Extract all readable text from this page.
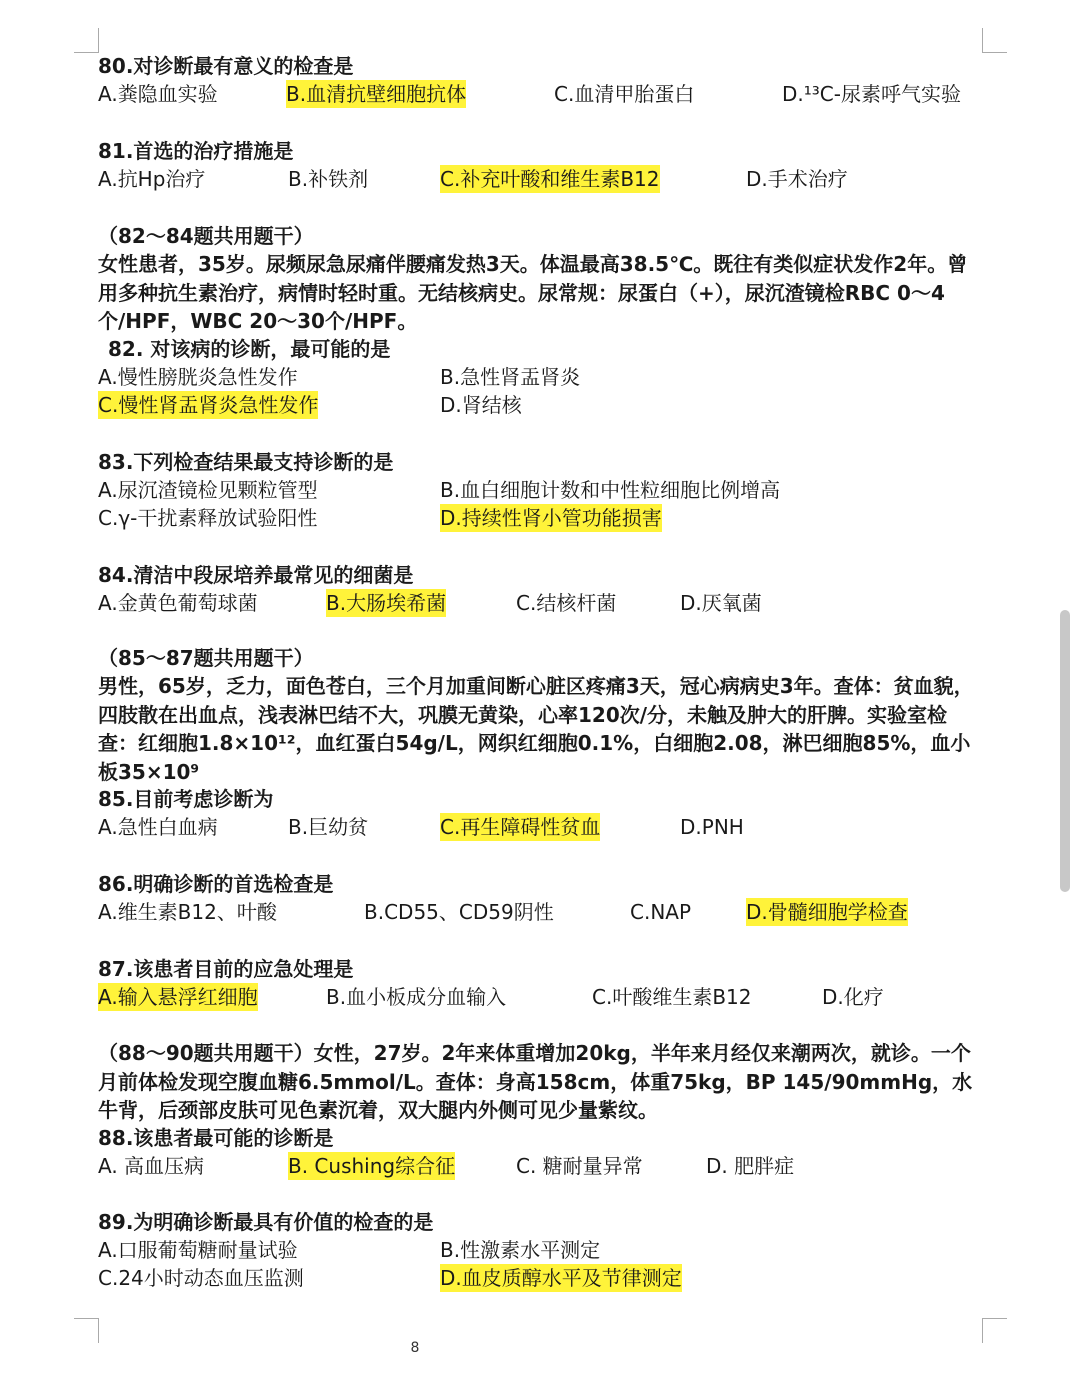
80.对诊断最有意义的检查是
A.粪隐血实验	B.血清抗壁细胞抗体	C.血清甲胎蛋白	D.¹³C-尿素呼气实验
81.首选的治疗措施是
A.抗Hp治疗	B.补铁剂	C.补充叶酸和维生素B12	D.手术治疗
（82～84题共用题干）
女性患者，35岁。尿频尿急尿痛伴腰痛发热3天。体温最高38.5℃。既往有类似症状发作2年。曾用多种抗生素治疗，病情时轻时重。无结核病史。尿常规：尿蛋白（+），尿沉渣镜检RBC 0～4个/HPF，WBC 20～30个/HPF。
82. 对该病的诊断，最可能的是
A.慢性膀胱炎急性发作	B.急性肾盂肾炎
C.慢性肾盂肾炎急性发作	D.肾结核
83.下列检查结果最支持诊断的是
A.尿沉渣镜检见颗粒管型	B.血白细胞计数和中性粒细胞比例增高
C.γ-干扰素释放试验阳性	D.持续性肾小管功能损害
84.清洁中段尿培养最常见的细菌是
A.金黄色葡萄球菌	B.大肠埃希菌	C.结核杆菌	D.厌氧菌
（85～87题共用题干）
男性，65岁，乏力，面色苍白，三个月加重间断心脏区疼痛3天，冠心病病史3年。查体：贫血貌，四肢散在出血点，浅表淋巴结不大，巩膜无黄染，心率120次/分，未触及肿大的肝脾。实验室检查：红细胞1.8×10¹²，血红蛋白54g/L，网织红细胞0.1%，白细胞2.08，淋巴细胞85%，血小板35×10⁹
85.目前考虑诊断为
A.急性白血病	B.巨幼贫	C.再生障碍性贫血	D.PNH
86.明确诊断的首选检查是
A.维生素B12、叶酸	B.CD55、CD59阴性	C.NAP	D.骨髓细胞学检查
87.该患者目前的应急处理是
A.输入悬浮红细胞	B.血小板成分血输入	C.叶酸维生素B12	D.化疗
（88～90题共用题干）女性，27岁。2年来体重增加20kg，半年来月经仅来潮两次，就诊。一个月前体检发现空腹血糖6.5mmol/L。查体：身高158cm，体重75kg，BP 145/90mmHg，水牛背，后颈部皮肤可见色素沉着，双大腿内外侧可见少量紫纹。
88.该患者最可能的诊断是
A. 高血压病	B. Cushing综合征	C. 糖耐量异常	D. 肥胖症
89.为明确诊断最具有价值的检查的是
A.口服葡萄糖耐量试验	B.性激素水平测定
C.24小时动态血压监测	D.血皮质醇水平及节律测定
8
